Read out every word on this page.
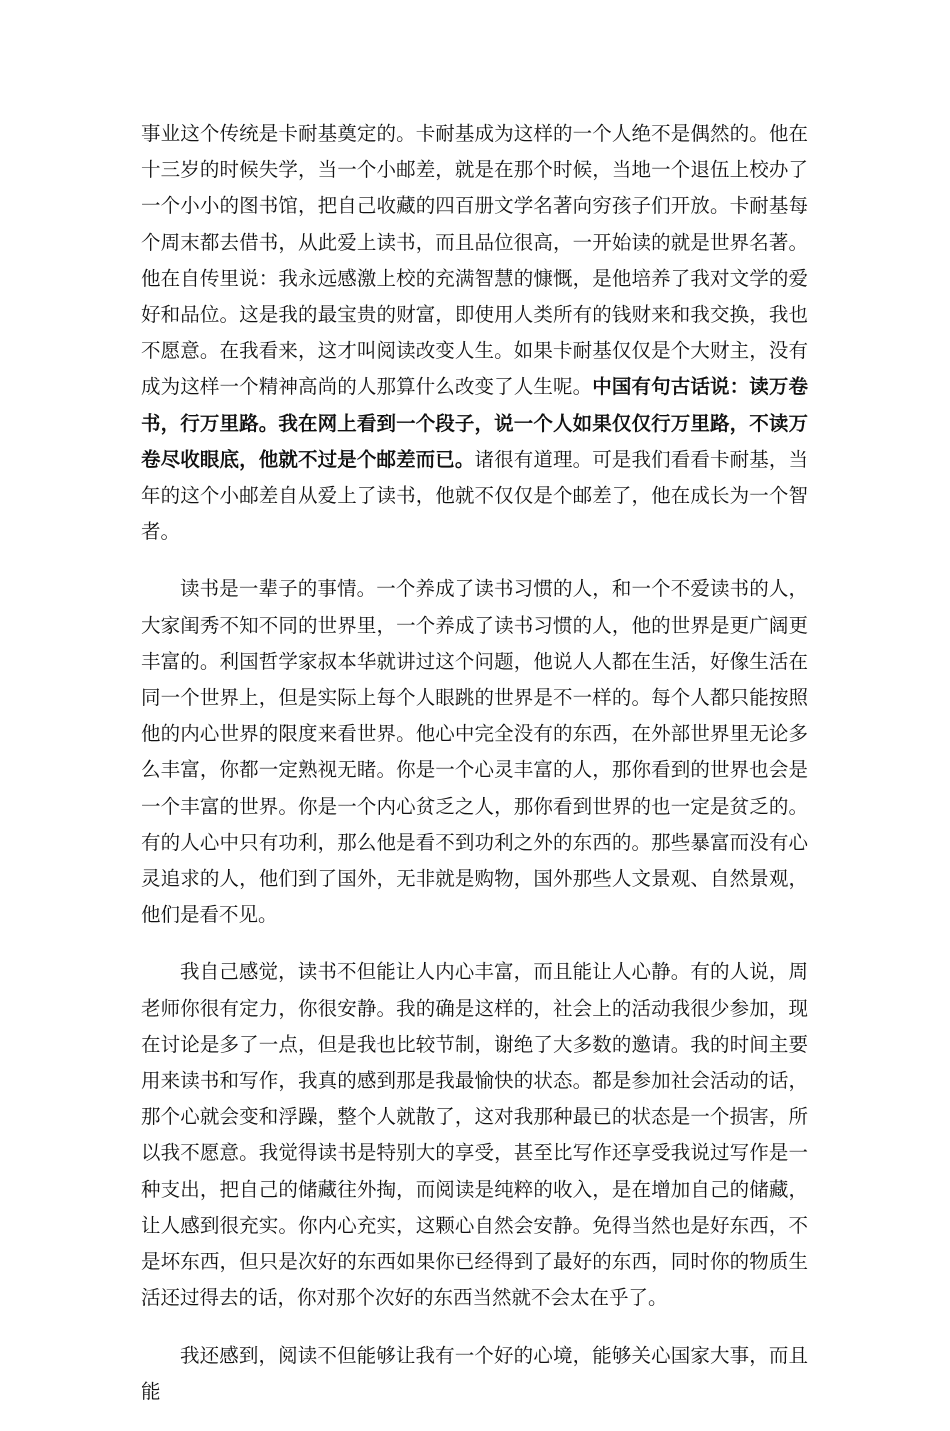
事业这个传统是卡耐基奠定的。卡耐基成为这样的一个人绝不是偶然的。他在十三岁的时候失学，当一个小邮差，就是在那个时候，当地一个退伍上校办了一个小小的图书馆，把自己收藏的四百册文学名著向穷孩子们开放。卡耐基每个周末都去借书，从此爱上读书，而且品位很高，一开始读的就是世界名著。他在自传里说：我永远感激上校的充满智慧的慷慨，是他培养了我对文学的爱好和品位。这是我的最宝贵的财富，即使用人类所有的钱财来和我交换，我也不愿意。在我看来，这才叫阅读改变人生。如果卡耐基仅仅是个大财主，没有成为这样一个精神高尚的人那算什么改变了人生呢。中国有句古话说：读万卷书，行万里路。我在网上看到一个段子，说一个人如果仅仅行万里路，不读万卷尽收眼底，他就不过是个邮差而已。诸很有道理。可是我们看看卡耐基，当年的这个小邮差自从爱上了读书，他就不仅仅是个邮差了，他在成长为一个智者。

读书是一辈子的事情。一个养成了读书习惯的人，和一个不爱读书的人，大家闺秀不知不同的世界里，一个养成了读书习惯的人，他的世界是更广阔更丰富的。利国哲学家叔本华就讲过这个问题，他说人人都在生活，好像生活在同一个世界上，但是实际上每个人眼跳的世界是不一样的。每个人都只能按照他的内心世界的限度来看世界。他心中完全没有的东西，在外部世界里无论多么丰富，你都一定熟视无睹。你是一个心灵丰富的人，那你看到的世界也会是一个丰富的世界。你是一个内心贫乏之人，那你看到世界的也一定是贫乏的。有的人心中只有功利，那么他是看不到功利之外的东西的。那些暴富而没有心灵追求的人，他们到了国外，无非就是购物，国外那些人文景观、自然景观，他们是看不见。

我自己感觉，读书不但能让人内心丰富，而且能让人心静。有的人说，周老师你很有定力，你很安静。我的确是这样的，社会上的活动我很少参加，现在讨论是多了一点，但是我也比较节制，谢绝了大多数的邀请。我的时间主要用来读书和写作，我真的感到那是我最愉快的状态。都是参加社会活动的话，那个心就会变和浮躁，整个人就散了，这对我那种最已的状态是一个损害，所以我不愿意。我觉得读书是特别大的享受，甚至比写作还享受我说过写作是一种支出，把自己的储藏往外掏，而阅读是纯粹的收入，是在增加自己的储藏，让人感到很充实。你内心充实，这颗心自然会安静。免得当然也是好东西，不是坏东西，但只是次好的东西如果你已经得到了最好的东西，同时你的物质生活还过得去的话，你对那个次好的东西当然就不会太在乎了。

我还感到，阅读不但能够让我有一个好的心境，能够关心国家大事，而且能
